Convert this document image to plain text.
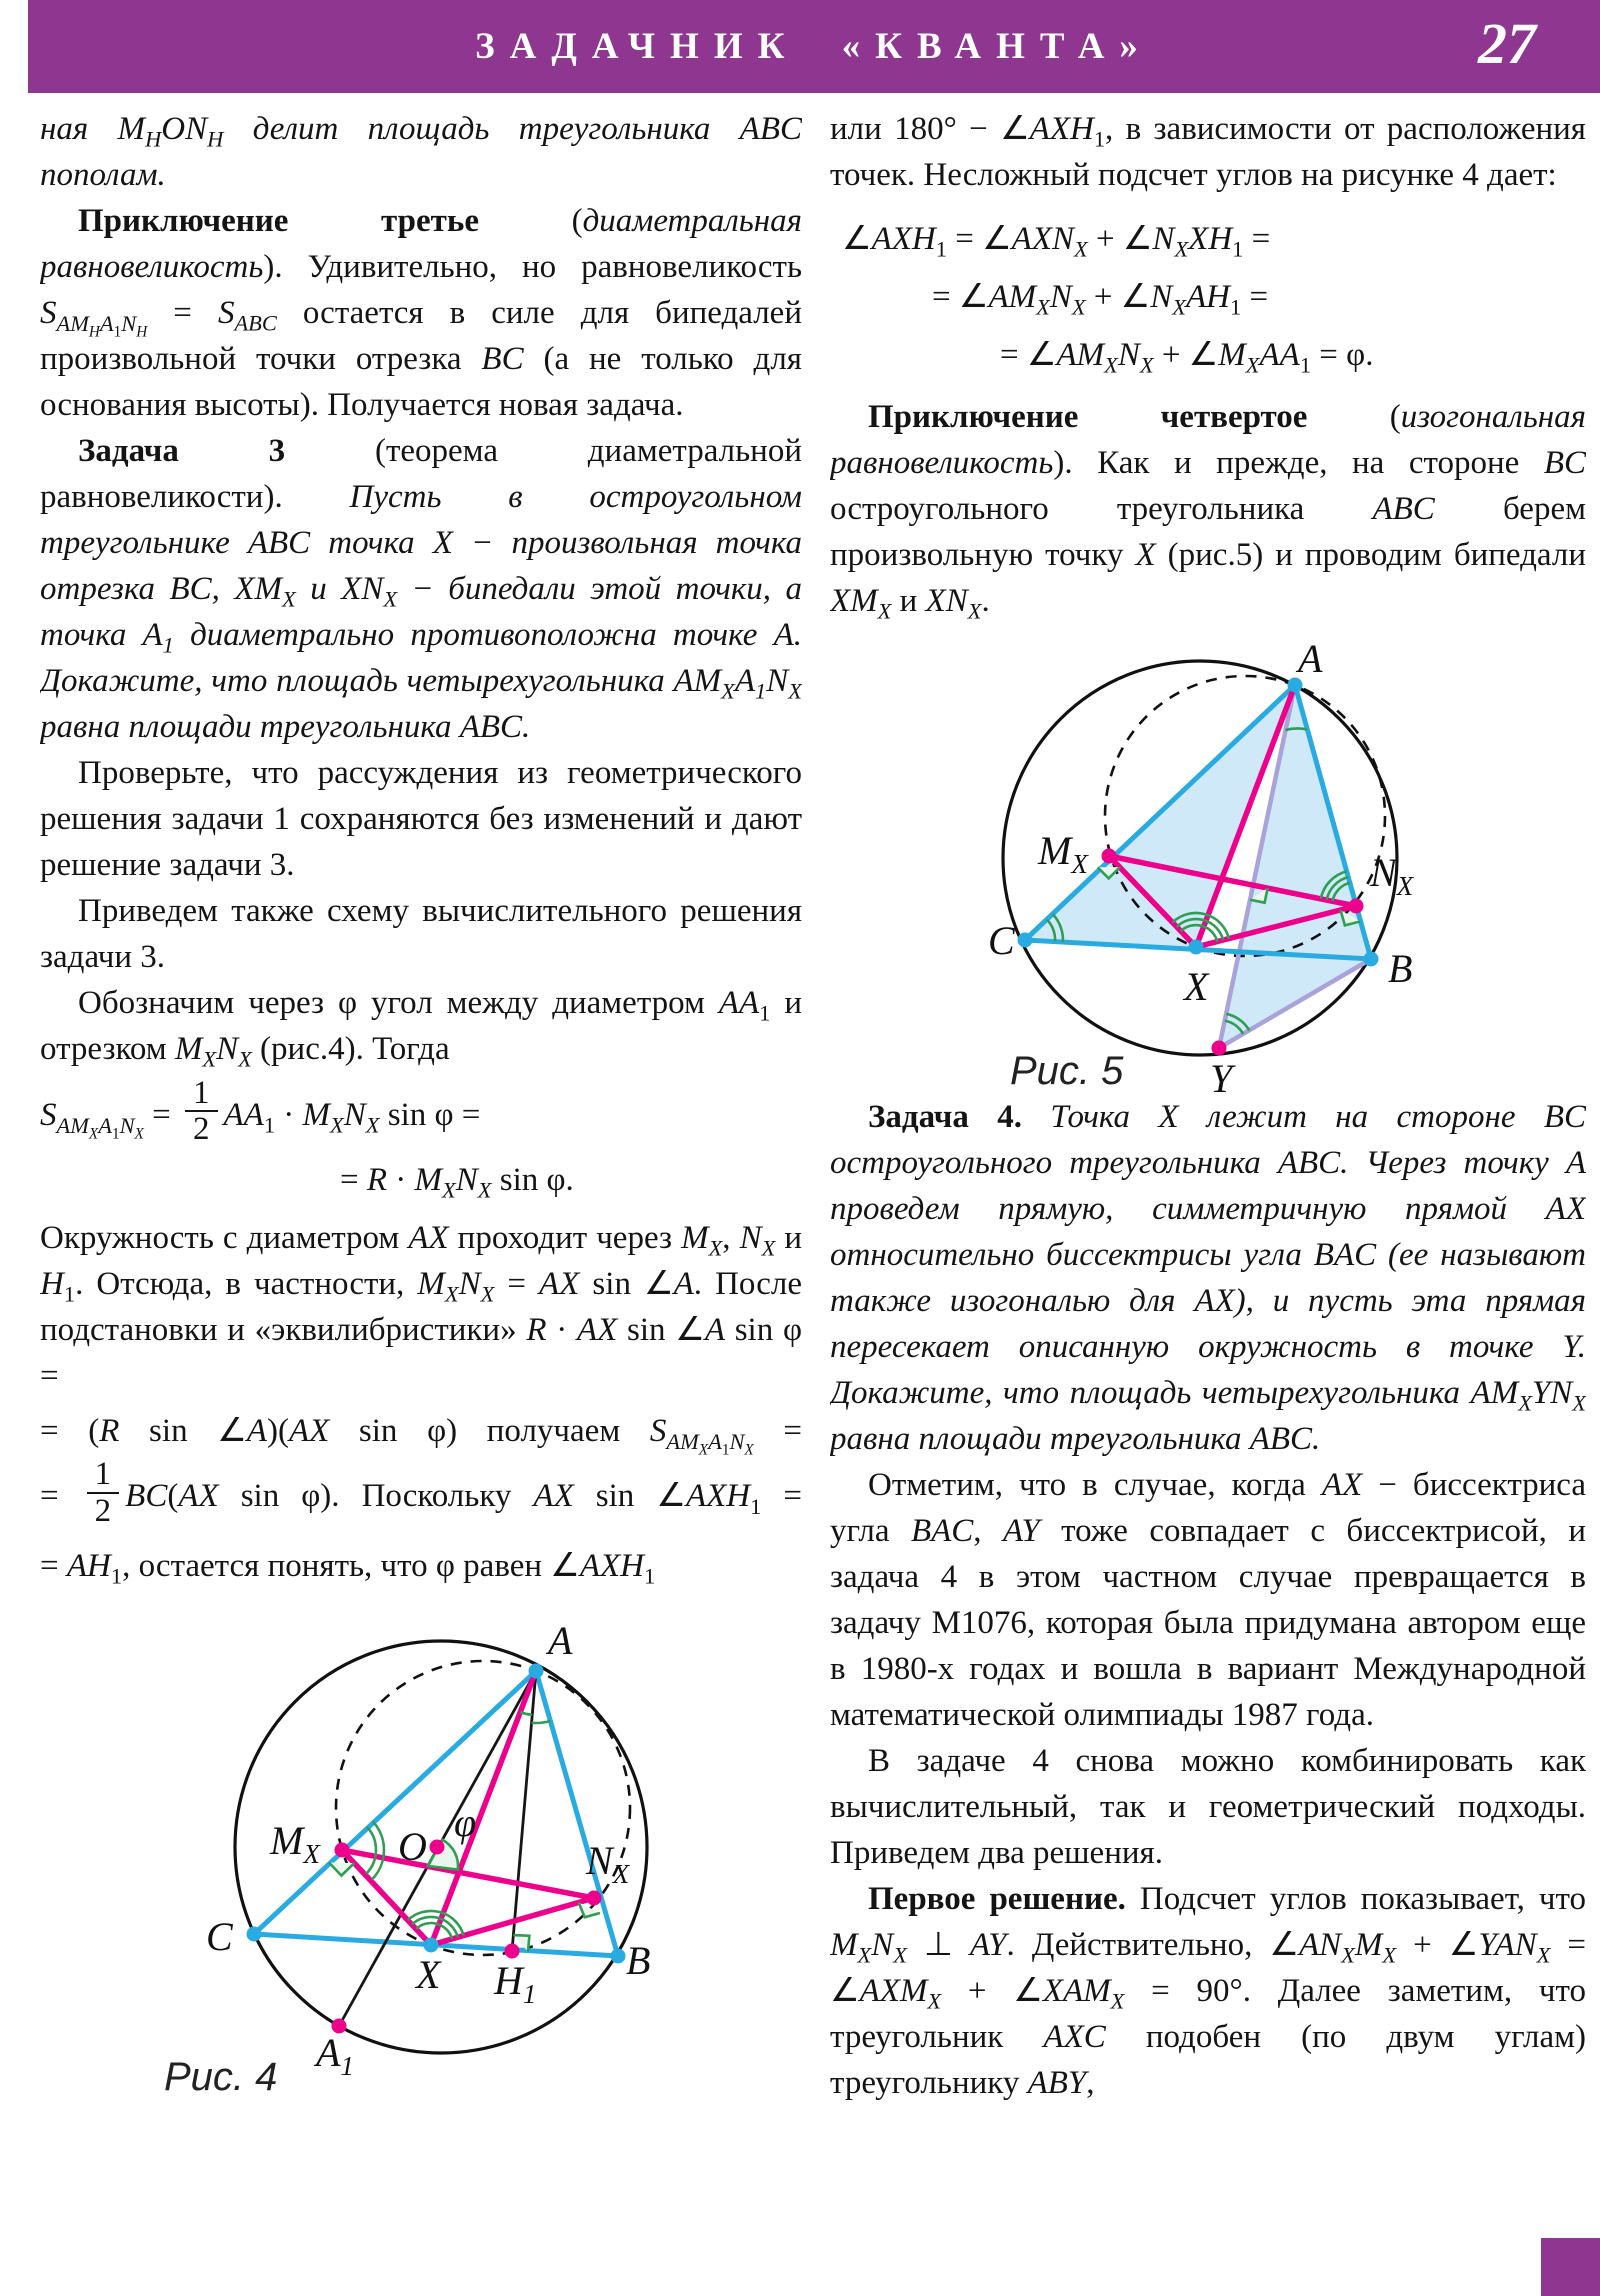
ЗАДАЧНИК «КВАНТА»	27

ная $M_HON_H$ делит площадь треугольника ABC пополам.

Приключение третье (диаметральная равновеликость). Удивительно, но равновеликость $S_{AM_HA_1N_H} = S_{ABC}$ остается в силе для бипедалей произвольной точки отрезка BC (а не только для основания высоты). Получается новая задача.

Задача 3 (теорема диаметральной равновеликости). Пусть в остроугольном треугольнике ABC точка X − произвольная точка отрезка BC, $XM_X$ и $XN_X$ − бипедали этой точки, а точка $A_1$ диаметрально противоположна точке A. Докажите, что площадь четырехугольника $AM_XA_1N_X$ равна площади треугольника ABC.

Проверьте, что рассуждения из геометрического решения задачи 1 сохраняются без изменений и дают решение задачи 3.

Приведем также схему вычислительного решения задачи 3.

Обозначим через φ угол между диаметром $AA_1$ и отрезком $M_XN_X$ (рис.4). Тогда

$S_{AM_XA_1N_X} = \frac{1}{2} AA_1 \cdot M_XN_X$ sin φ =
= $R \cdot M_XN_X$ sin φ.

Окружность с диаметром AX проходит через $M_X$, $N_X$ и $H_1$. Отсюда, в частности, $M_XN_X$ = AX sin ∠A. После подстановки и «эквилибристики» R · AX sin ∠A sin φ =

= (R sin ∠A)(AX sin φ) получаем $S_{AM_XA_1N_X}$ =
= $\frac{1}{2} BC(AX$ sin φ). Поскольку AX $\sin \angle AXH_1$ =
= $AH_1$, остается понять, что φ равен $\angle AXH_1$
A
$M_X$ O
φ
$N_X$
C
X $H_1$
B
$A_1$
Рис. 4

или $180^\circ - \angle AXH_1$, в зависимости от расположения точек. Несложный подсчет углов на рисунке 4 дает:

$\angle AXH_1$ = $\angle AXN_X$ + $\angle N_XXH_1$ =
= $\angle AM_XN_X$ + $\angle N_XAH_1$ =
= $\angle AM_XN_X$ + $\angle M_XAA_1 = \varphi$.

Приключение четвертое (изогональная равновеликость). Как и прежде, на стороне BC остроугольного треугольника ABC берем произвольную точку X (рис.5) и проводим бипедали $XM_X$ и $XN_X$.

A
$M_X$	$N_X$
C
X	B
Y
Рис. 5

Задача 4. Точка X лежит на стороне BC остроугольного треугольника ABC. Через точку A проведем прямую, симметричную прямой AX относительно биссектрисы угла BAC (ее называют также изогональю для AX), и пусть эта прямая пересекает описанную окружность в точке Y. Докажите, что площадь четырехугольника $AM_XYN_X$ равна площади треугольника ABC.

Отметим, что в случае, когда AX − биссектриса угла BAC, AY тоже совпадает с биссектрисой, и задача 4 в этом частном случае превращается в задачу М1076, которая была придумана автором еще в 1980-х годах и вошла в вариант Международной математической олимпиады 1987 года.

В задаче 4 снова можно комбинировать как вычислительный, так и геометрический подходы. Приведем два решения.

Первое решение. Подсчет углов показывает, что $M_XN_X$ ⊥ AY. Действительно, $\angle AN_XM_X$ + $\angle YAN_X$ = $\angle AXM_X$ + $\angle XAM_X = 90^\circ$. Далее заметим, что треугольник AXC подобен (по двум углам) треугольнику ABY,
